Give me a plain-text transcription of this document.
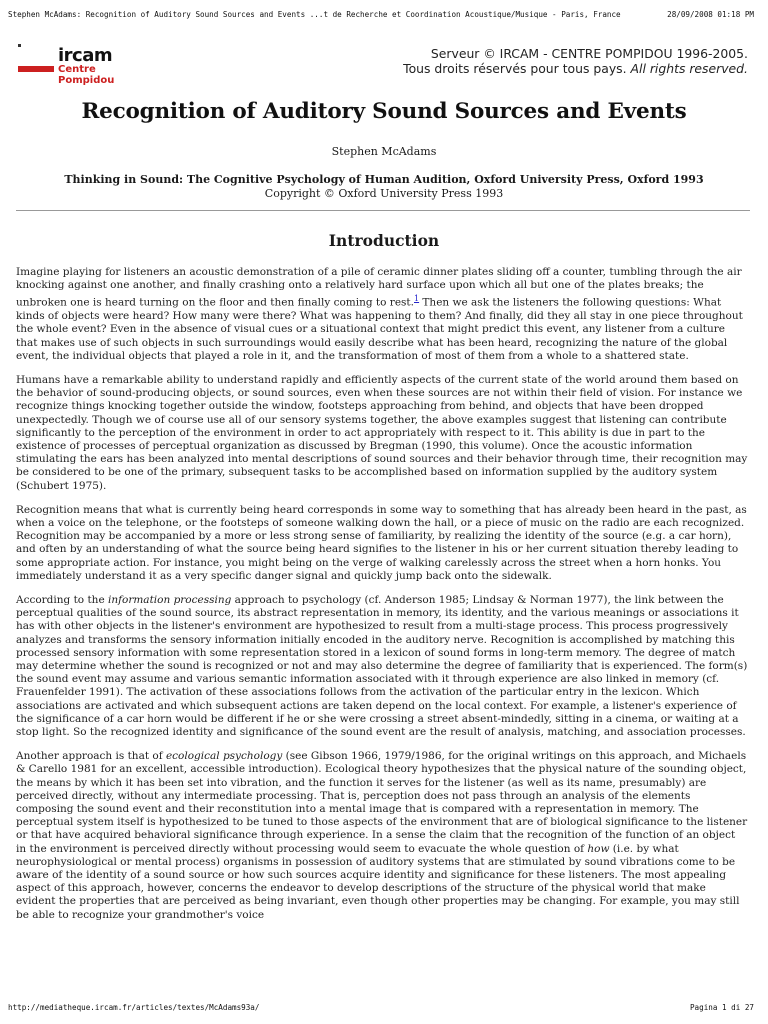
Stephen McAdams: Recognition of Auditory Sound Sources and Events ...t de Recherche et Coordination Acoustique/Musique - Paris, France	28/09/2008 01:18 PM
ircam
Centre
Pompidou
Serveur © IRCAM - CENTRE POMPIDOU 1996-2005.
Tous droits réservés pour tous pays. All rights reserved.
Recognition of Auditory Sound Sources and Events
Stephen McAdams
Thinking in Sound: The Cognitive Psychology of Human Audition, Oxford University Press, Oxford 1993
Copyright © Oxford University Press 1993
Introduction

Imagine playing for listeners an acoustic demonstration of a pile of ceramic dinner plates sliding off a counter, tumbling through the air knocking against one another, and finally crashing onto a relatively hard surface upon which all but one of the plates breaks; the unbroken one is heard turning on the floor and then finally coming to rest.$^1$ Then we ask the listeners the following questions: What kinds of objects were heard? How many were there? What was happening to them? And finally, did they all stay in one piece throughout the whole event? Even in the absence of visual cues or a situational context that might predict this event, any listener from a culture that makes use of such objects in such surroundings would easily describe what has been heard, recognizing the nature of the global event, the individual objects that played a role in it, and the transformation of most of them from a whole to a shattered state.

Humans have a remarkable ability to understand rapidly and efficiently aspects of the current state of the world around them based on the behavior of sound-producing objects, or sound sources, even when these sources are not within their field of vision. For instance we recognize things knocking together outside the window, footsteps approaching from behind, and objects that have been dropped unexpectedly. Though we of course use all of our sensory systems together, the above examples suggest that listening can contribute significantly to the perception of the environment in order to act appropriately with respect to it. This ability is due in part to the existence of processes of perceptual organization as discussed by Bregman (1990, this volume). Once the acoustic information stimulating the ears has been analyzed into mental descriptions of sound sources and their behavior through time, their recognition may be considered to be one of the primary, subsequent tasks to be accomplished based on information supplied by the auditory system (Schubert 1975).

Recognition means that what is currently being heard corresponds in some way to something that has already been heard in the past, as when a voice on the telephone, or the footsteps of someone walking down the hall, or a piece of music on the radio are each recognized. Recognition may be accompanied by a more or less strong sense of familiarity, by realizing the identity of the source (e.g. a car horn), and often by an understanding of what the source being heard signifies to the listener in his or her current situation thereby leading to some appropriate action. For instance, you might being on the verge of walking carelessly across the street when a horn honks. You immediately understand it as a very specific danger signal and quickly jump back onto the sidewalk.

According to the information processing approach to psychology (cf. Anderson 1985; Lindsay & Norman 1977), the link between the perceptual qualities of the sound source, its abstract representation in memory, its identity, and the various meanings or associations it has with other objects in the listener's environment are hypothesized to result from a multi-stage process. This process progressively analyzes and transforms the sensory information initially encoded in the auditory nerve. Recognition is accomplished by matching this processed sensory information with some representation stored in a lexicon of sound forms in long-term memory. The degree of match may determine whether the sound is recognized or not and may also determine the degree of familiarity that is experienced. The form(s) the sound event may assume and various semantic information associated with it through experience are also linked in memory (cf. Frauenfelder 1991). The activation of these associations follows from the activation of the particular entry in the lexicon. Which associations are activated and which subsequent actions are taken depend on the local context. For example, a listener's experience of the significance of a car horn would be different if he or she were crossing a street absent-mindedly, sitting in a cinema, or waiting at a stop light. So the recognized identity and significance of the sound event are the result of analysis, matching, and association processes.

Another approach is that of ecological psychology (see Gibson 1966, 1979/1986, for the original writings on this approach, and Michaels & Carello 1981 for an excellent, accessible introduction). Ecological theory hypothesizes that the physical nature of the sounding object, the means by which it has been set into vibration, and the function it serves for the listener (as well as its name, presumably) are perceived directly, without any intermediate processing. That is, perception does not pass through an analysis of the elements composing the sound event and their reconstitution into a mental image that is compared with a representation in memory. The perceptual system itself is hypothesized to be tuned to those aspects of the environment that are of biological significance to the listener or that have acquired behavioral significance through experience. In a sense the claim that the recognition of the function of an object in the environment is perceived directly without processing would seem to evacuate the whole question of how (i.e. by what neurophysiological or mental process) organisms in possession of auditory systems that are stimulated by sound vibrations come to be aware of the identity of a sound source or how such sources acquire identity and significance for these listeners. The most appealing aspect of this approach, however, concerns the endeavor to develop descriptions of the structure of the physical world that make evident the properties that are perceived as being invariant, even though other properties may be changing. For example, you may still be able to recognize your grandmother's voice

http://mediatheque.ircam.fr/articles/textes/McAdams93a/	Pagina 1 di 27
